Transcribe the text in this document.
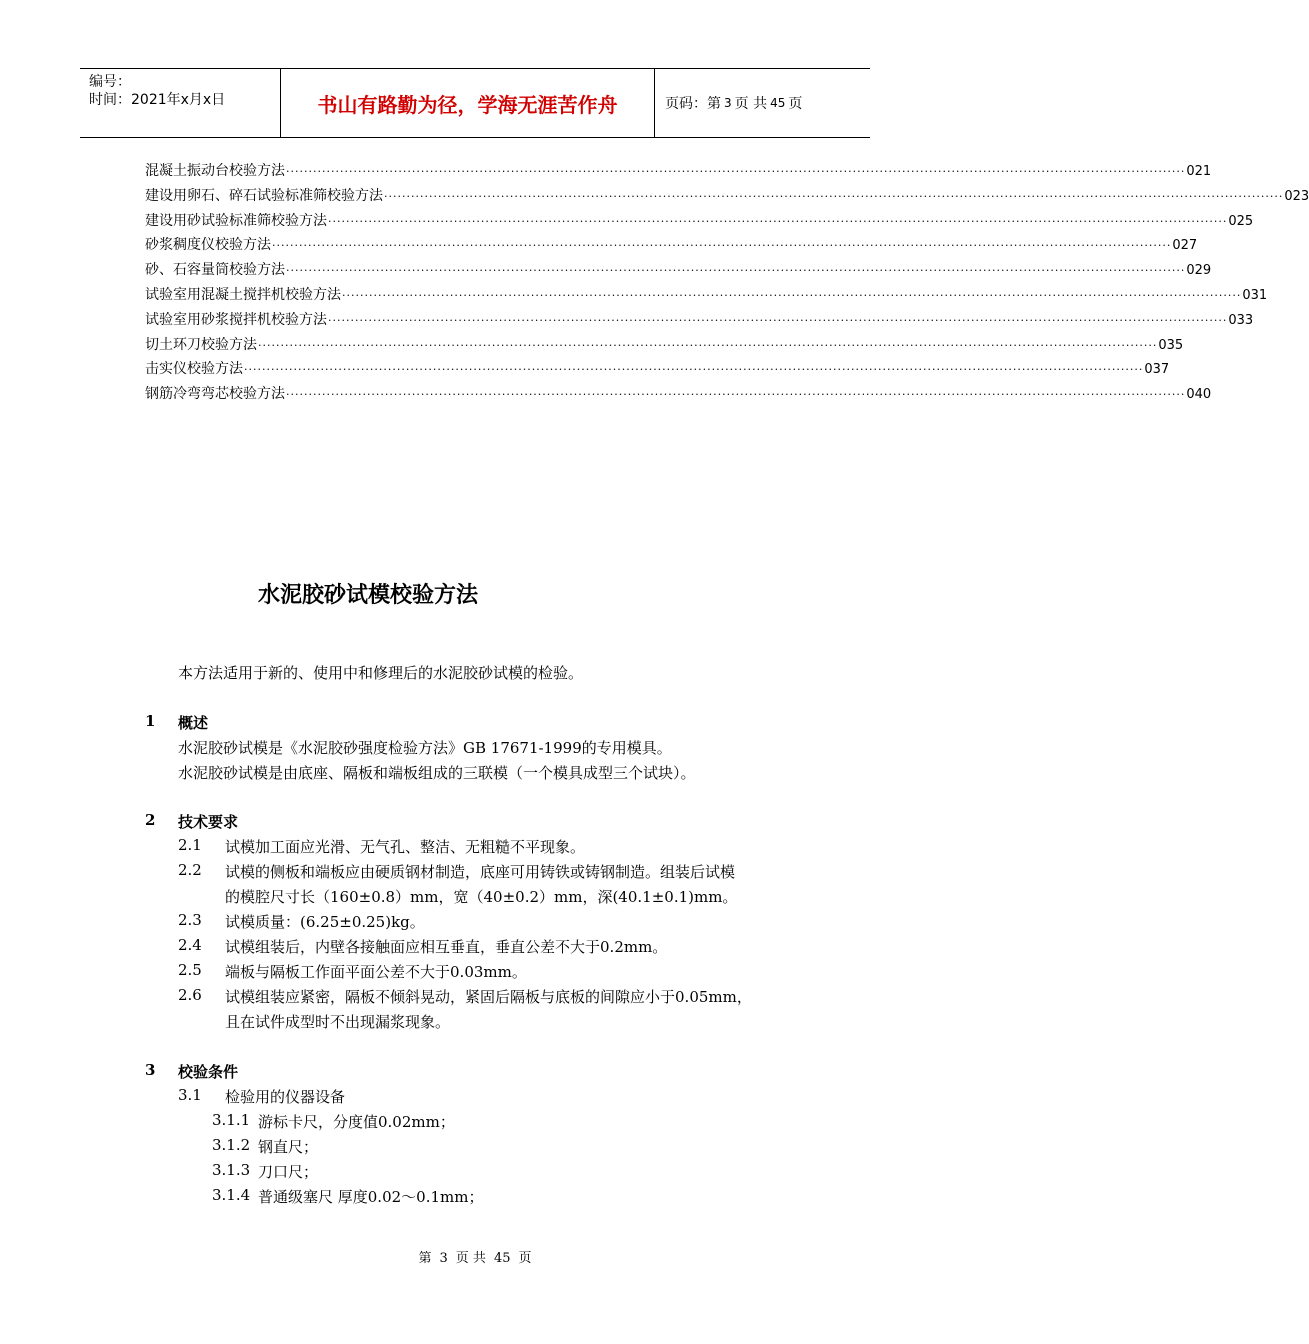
编号：
时间：2021年x月x日	书山有路勤为径，学海无涯苦作舟	页码：第 3 页 共 45 页
混凝土振动台校验方法 ········································································································································································································ 021
建设用卵石、碎石试验标准筛校验方法 ········································································································································································································ 023
建设用砂试验标准筛校验方法 ········································································································································································································ 025
砂浆稠度仪校验方法 ········································································································································································································ 027
砂、石容量筒校验方法 ········································································································································································································ 029
试验室用混凝土搅拌机校验方法 ········································································································································································································ 031
试验室用砂浆搅拌机校验方法 ········································································································································································································ 033
切土环刀校验方法 ········································································································································································································ 035
击实仪校验方法 ········································································································································································································ 037
钢筋冷弯弯芯校验方法 ········································································································································································································ 040
水泥胶砂试模校验方法
本方法适用于新的、使用中和修理后的水泥胶砂试模的检验。
1 概述
水泥胶砂试模是《水泥胶砂强度检验方法》GB 17671-1999的专用模具。
水泥胶砂试模是由底座、隔板和端板组成的三联模（一个模具成型三个试块）。
2 技术要求
2.1 试模加工面应光滑、无气孔、整洁、无粗糙不平现象。
2.2 试模的侧板和端板应由硬质钢材制造，底座可用铸铁或铸钢制造。组装后试模
的模腔尺寸长（160±0.8）mm，宽（40±0.2）mm，深(40.1±0.1)mm。
2.3 试模质量：(6.25±0.25)kg。
2.4 试模组装后，内壁各接触面应相互垂直，垂直公差不大于0.2mm。
2.5 端板与隔板工作面平面公差不大于0.03mm。
2.6 试模组装应紧密，隔板不倾斜晃动，紧固后隔板与底板的间隙应小于0.05mm，
且在试件成型时不出现漏浆现象。
3 校验条件
3.1 检验用的仪器设备
3.1.1 游标卡尺，分度值0.02mm；
3.1.2 钢直尺；
3.1.3 刀口尺；
3.1.4 普通级塞尺 厚度0.02～0.1mm；
第 3 页 共 45 页
